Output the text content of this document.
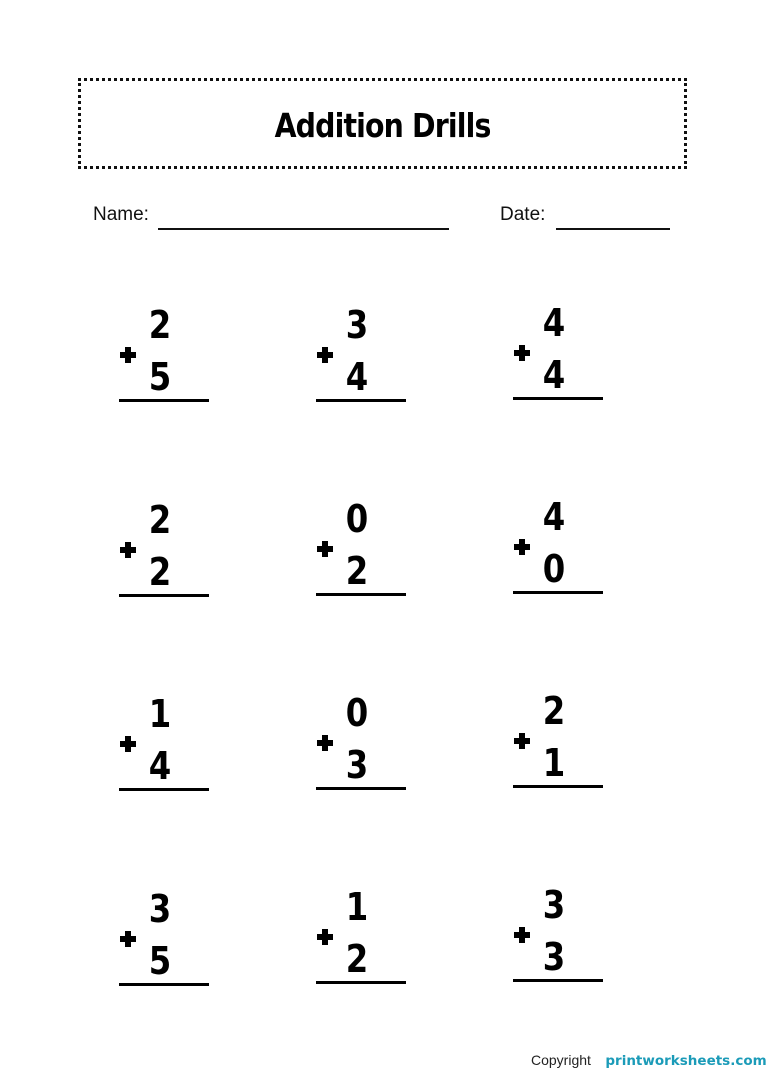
Addition Drills
Name:	Date:
2
5
3
4
4
4
2
2
0
2
4
0
1
4
0
3
2
1
3
5
1
2
3
3
Copyright printworksheets.com
